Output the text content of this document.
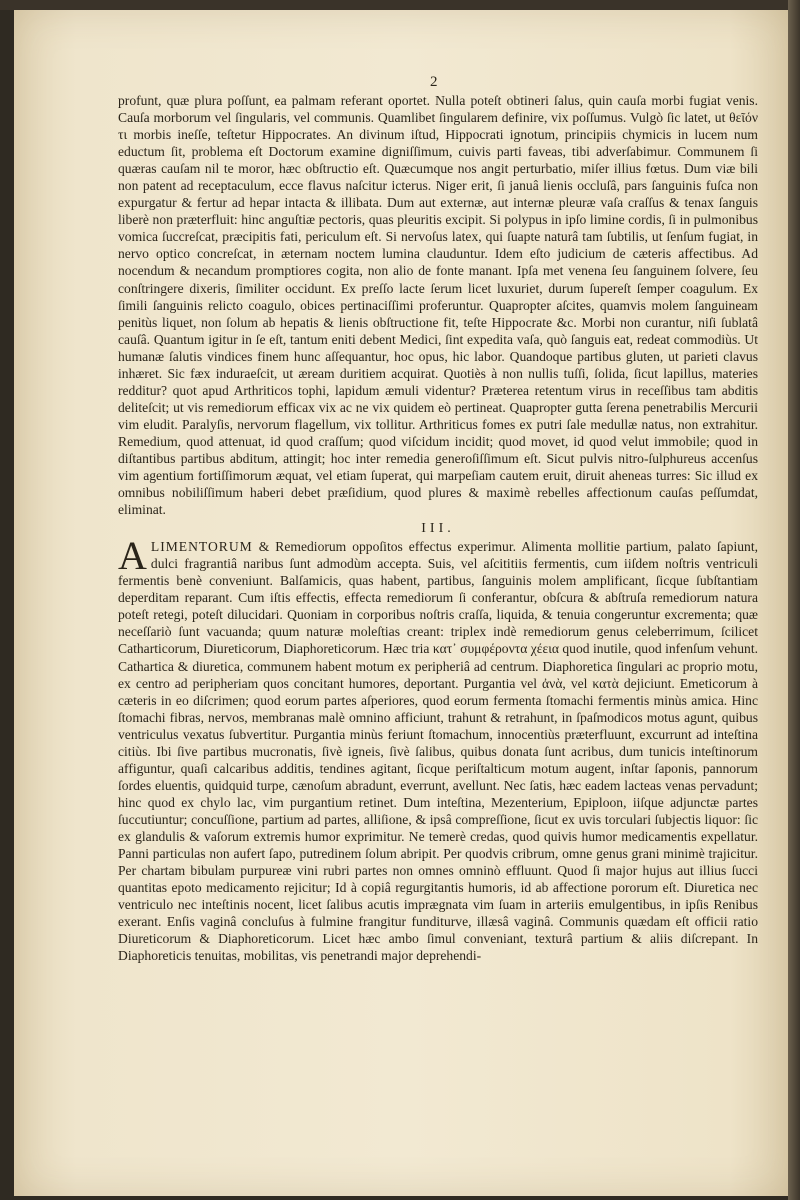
2

profunt, quæ plura poſſunt, ea palmam referant oportet. Nulla poteſt obtineri ſalus, quin cauſa morbi fugiat venis. Cauſa morborum vel ſingularis, vel communis. Quamlibet ſingularem definire, vix poſſumus. Vulgò ſic latet, ut θεῖόν τι morbis ineſſe, teſtetur Hippocrates. An divinum iſtud, Hippocrati ignotum, principiis chymicis in lucem num eductum ſit, problema eſt Doctorum examine digniſſimum, cuivis parti faveas, tibi adverſabimur. Communem ſi quæras cauſam nil te moror, hæc obſtructio eſt. Quæcumque nos angit perturbatio, miſer illius fœtus. Dum viæ bili non patent ad receptaculum, ecce flavus naſcitur icterus. Niger erit, ſi januâ lienis occluſâ, pars ſanguinis fuſca non expurgatur & fertur ad hepar intacta & illibata. Dum aut externæ, aut internæ pleuræ vaſa craſſus & tenax ſanguis liberè non præterfluit: hinc anguſtiæ pectoris, quas pleuritis excipit. Si polypus in ipſo limine cordis, ſi in pulmonibus vomica ſuccreſcat, præcipitis fati, periculum eſt. Si nervoſus latex, qui ſuapte naturâ tam ſubtilis, ut ſenſum fugiat, in nervo optico concreſcat, in æternam noctem lumina clauduntur. Idem eſto judicium de cæteris affectibus. Ad nocendum & necandum promptiores cogita, non alio de fonte manant. Ipſa met venena ſeu ſanguinem ſolvere, ſeu conſtringere dixeris, ſimiliter occidunt. Ex preſſo lacte ſerum licet luxuriet, durum ſupereſt ſemper coagulum. Ex ſimili ſanguinis relicto coagulo, obices pertinaciſſimi proferuntur. Quapropter aſcites, quamvis molem ſanguineam penitùs liquet, non ſolum ab hepatis & lienis obſtructione fit, teſte Hippocrate &c. Morbi non curantur, niſi ſublatâ cauſâ. Quantum igitur in ſe eſt, tantum eniti debent Medici, ſint expedita vaſa, quò ſanguis eat, redeat commodiùs. Ut humanæ ſalutis vindices finem hunc aſſequantur, hoc opus, hic labor. Quandoque partibus gluten, ut parieti clavus inhæret. Sic fæx induraeſcit, ut æream duritiem acquirat. Quotiès à non nullis tuſſi, ſolida, ſicut lapillus, materies redditur? quot apud Arthriticos tophi, lapidum æmuli videntur? Præterea retentum virus in receſſibus tam abditis deliteſcit; ut vis remediorum efficax vix ac ne vix quidem eò pertineat. Quapropter gutta ſerena penetrabilis Mercurii vim eludit. Paralyſis, nervorum flagellum, vix tollitur. Arthriticus fomes ex putri ſale medullæ natus, non extrahitur. Remedium, quod attenuat, id quod craſſum; quod viſcidum incidit; quod movet, id quod velut immobile; quod in diſtantibus partibus abditum, attingit; hoc inter remedia generoſiſſimum eſt. Sicut pulvis nitro-ſulphureus accenſus vim agentium fortiſſimorum æquat, vel etiam ſuperat, qui marpeſiam cautem eruit, diruit aheneas turres: Sic illud ex omnibus nobiliſſimum haberi debet præſidium, quod plures & maximè rebelles affectionum cauſas peſſumdat, eliminat.

III.

A LIMENTORUM & Remediorum oppoſitos effectus experimur. Alimenta mollitie partium, palato ſapiunt, dulci fragrantiâ naribus ſunt admodùm accepta. Suis, vel aſcititiis fermentis, cum iiſdem noſtris ventriculi fermentis benè conveniunt. Balſamicis, quas habent, partibus, ſanguinis molem amplificant, ſicque ſubſtantiam deperditam reparant. Cum iſtis effectis, effecta remediorum ſi conferantur, obſcura & abſtruſa remediorum natura poteſt retegi, poteſt dilucidari. Quoniam in corporibus noſtris craſſa, liquida, & tenuia congeruntur excrementa; quæ neceſſariò ſunt vacuanda; quum naturæ moleſtias creant: triplex indè remediorum genus celeberrimum, ſcilicet Catharticorum, Diureticorum, Diaphoreticorum. Hæc tria κατ᾽ συμφέροντα χέεια quod inutile, quod infenſum vehunt. Cathartica & diuretica, communem habent motum ex peripheriâ ad centrum. Diaphoretica ſingulari ac proprio motu, ex centro ad peripheriam quos concitant humores, deportant. Purgantia vel ἀνὰ, vel κατὰ dejiciunt. Emeticorum à cæteris in eo diſcrimen; quod eorum partes aſperiores, quod eorum fermenta ſtomachi fermentis minùs amica. Hinc ſtomachi fibras, nervos, membranas malè omnino afficiunt, trahunt & retrahunt, in ſpaſmodicos motus agunt, quibus ventriculus vexatus ſubvertitur. Purgantia minùs feriunt ſtomachum, innocentiùs præterfluunt, excurrunt ad inteſtina citiùs. Ibi ſive partibus mucronatis, ſivè igneis, ſivè ſalibus, quibus donata ſunt acribus, dum tunicis inteſtinorum affiguntur, quaſi calcaribus additis, tendines agitant, ſicque periſtalticum motum augent, inſtar ſaponis, pannorum ſordes eluentis, quidquid turpe, cænoſum abradunt, everrunt, avellunt. Nec ſatis, hæc eadem lacteas venas pervadunt; hinc quod ex chylo lac, vim purgantium retinet. Dum inteſtina, Mezenterium, Epiploon, iiſque adjunctæ partes ſuccutiuntur; concuſſione, partium ad partes, alliſione, & ipsâ compreſſione, ſicut ex uvis torculari ſubjectis liquor: ſic ex glandulis & vaſorum extremis humor exprimitur. Ne temerè credas, quod quivis humor medicamentis expellatur. Panni particulas non aufert ſapo, putredinem ſolum abripit. Per quodvis cribrum, omne genus grani minimè trajicitur. Per chartam bibulam purpureæ vini rubri partes non omnes omninò effluunt. Quod ſi major hujus aut illius ſucci quantitas epoto medicamento rejicitur; Id à copiâ regurgitantis humoris, id ab affectione pororum eſt. Diuretica nec ventriculo nec inteſtinis nocent, licet ſalibus acutis imprægnata vim ſuam in arteriis emulgentibus, in ipſis Renibus exerant. Enſis vaginâ concluſus à fulmine frangitur funditurve, illæsâ vaginâ. Communis quædam eſt officii ratio Diureticorum & Diaphoreticorum. Licet hæc ambo ſimul conveniant, texturâ partium & aliis diſcrepant. In Diaphoreticis tenuitas, mobilitas, vis penetrandi major deprehendi-
